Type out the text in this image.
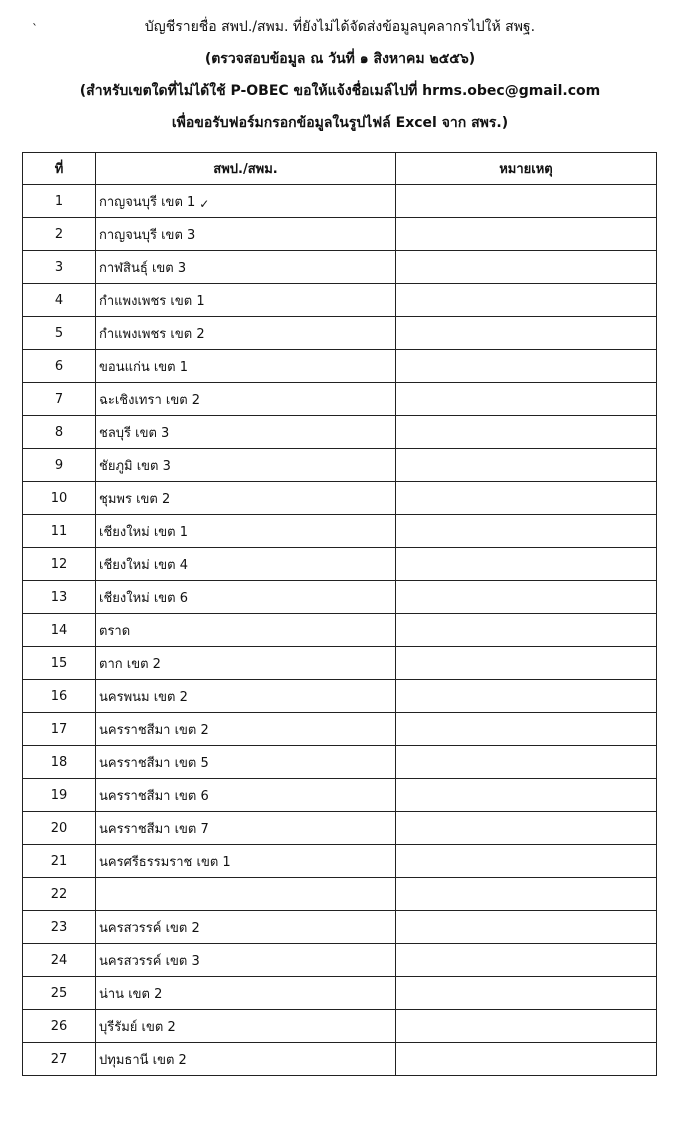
`	บัญชีรายชื่อ สพป./สพม. ที่ยังไม่ได้จัดส่งข้อมูลบุคลากรไปให้ สพฐ.
(ตรวจสอบข้อมูล ณ วันที่ ๑ สิงหาคม ๒๕๕๖)
(สำหรับเขตใดที่ไม่ได้ใช้ P-OBEC ขอให้แจ้งชื่อเมล์ไปที่ hrms.obec@gmail.com
เพื่อขอรับฟอร์มกรอกข้อมูลในรูปไฟล์ Excel จาก สพร.)
ที่	สพป./สพม.	หมายเหตุ
1	กาญจนบุรี เขต 1 ✓	
2	กาญจนบุรี เขต 3	
3	กาฬสินธุ์ เขต 3	
4	กำแพงเพชร เขต 1	
5	กำแพงเพชร เขต 2	
6	ขอนแก่น เขต 1	
7	ฉะเชิงเทรา เขต 2	
8	ชลบุรี เขต 3	
9	ชัยภูมิ เขต 3	
10	ชุมพร เขต 2	
11	เชียงใหม่ เขต 1	
12	เชียงใหม่ เขต 4	
13	เชียงใหม่ เขต 6	
14	ตราด	
15	ตาก เขต 2	
16	นครพนม เขต 2	
17	นครราชสีมา เขต 2	
18	นครราชสีมา เขต 5	
19	นครราชสีมา เขต 6	
20	นครราชสีมา เขต 7	
21	นครศรีธรรมราช เขต 1	
22		
23	นครสวรรค์ เขต 2	
24	นครสวรรค์ เขต 3	
25	น่าน เขต 2	
26	บุรีรัมย์ เขต 2	
27	ปทุมธานี เขต 2	
